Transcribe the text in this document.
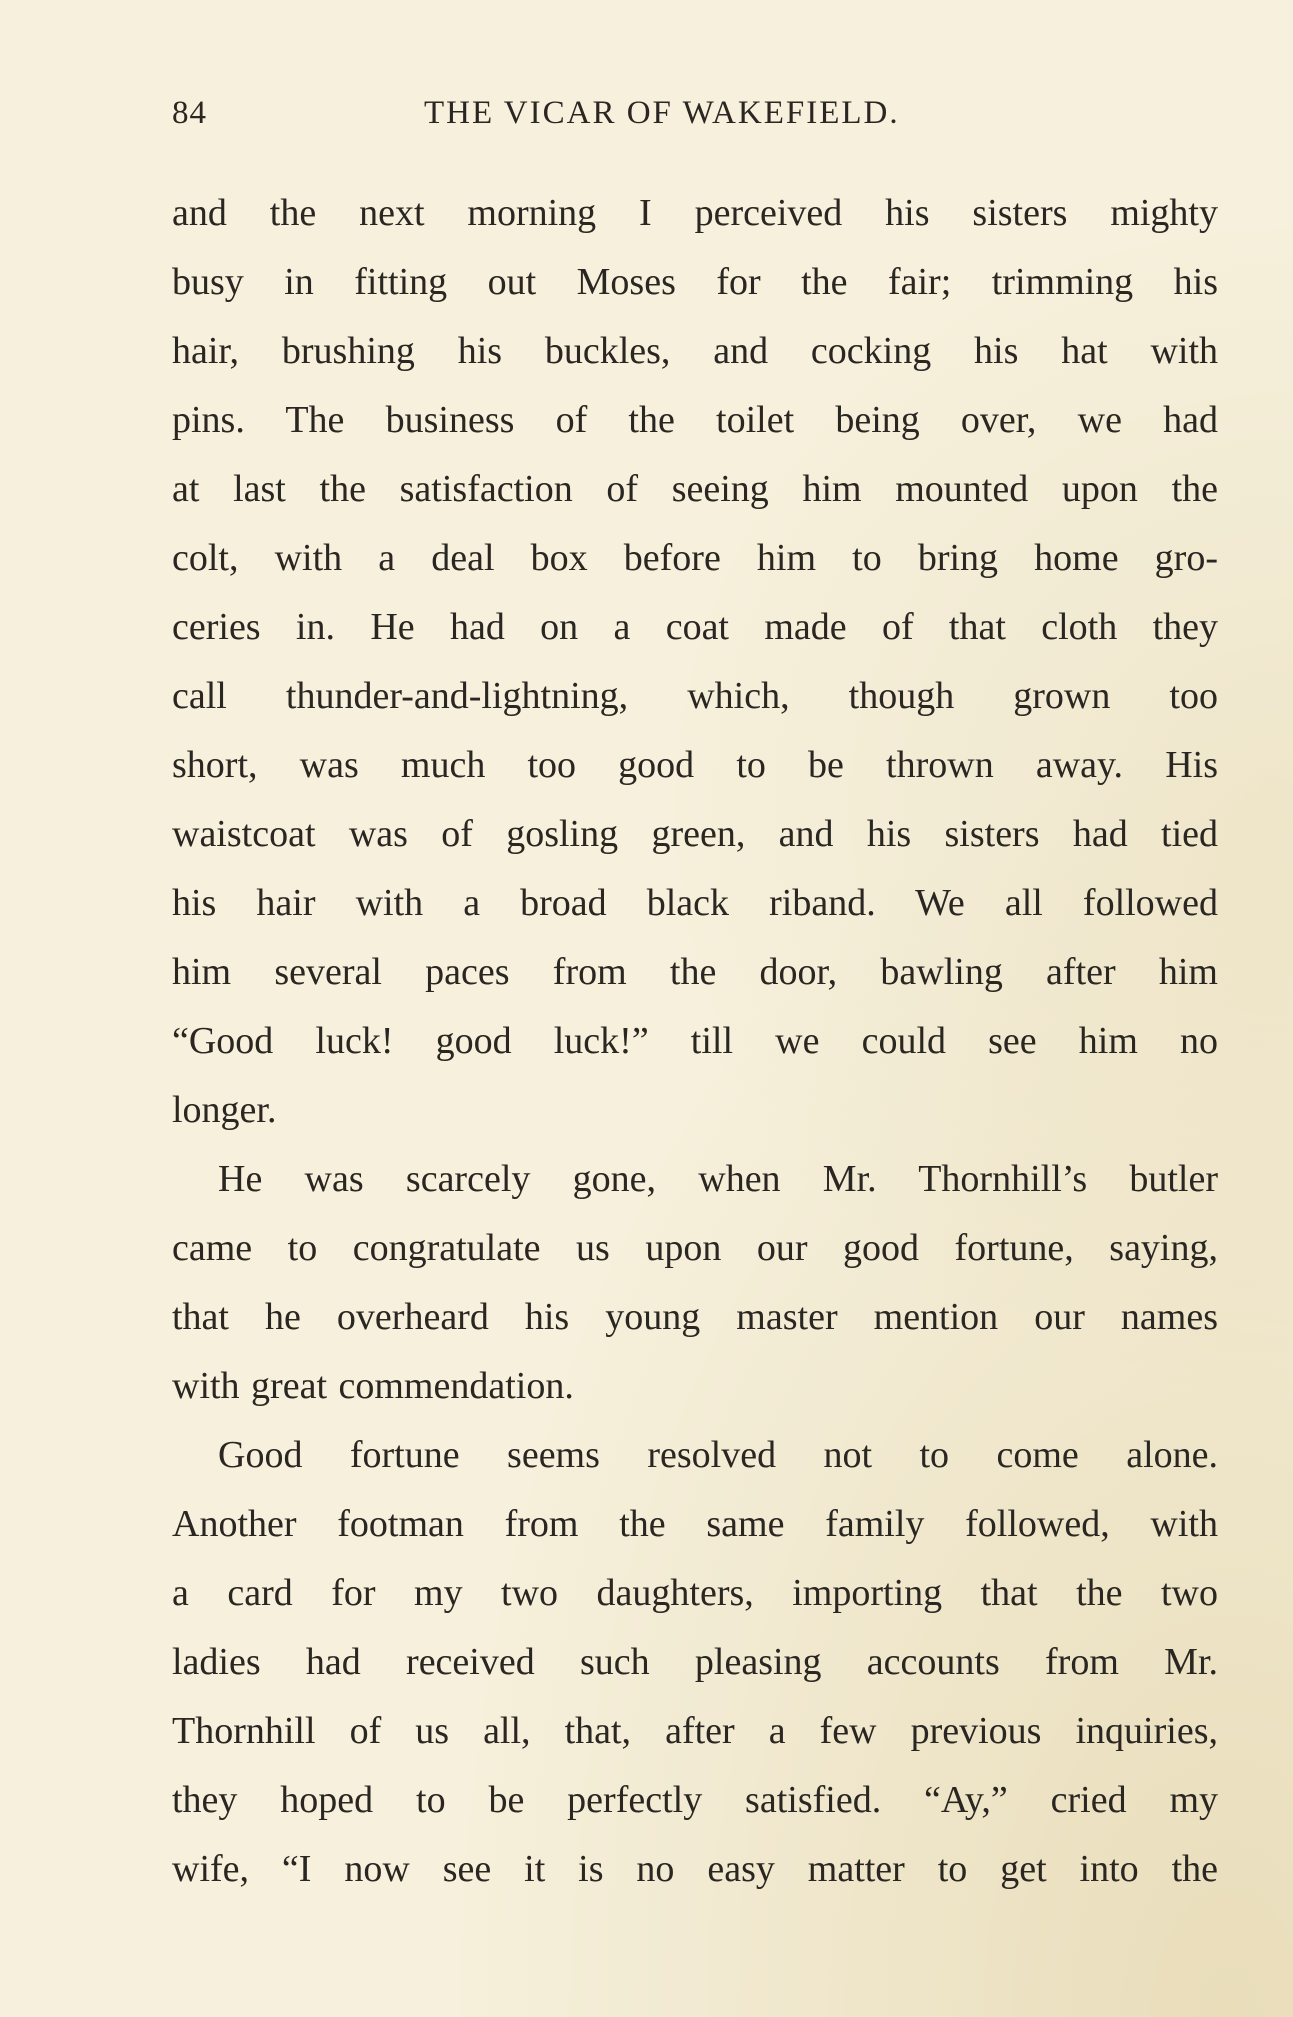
84	THE VICAR OF WAKEFIELD.
and the next morning I perceived his sisters mighty
busy in fitting out Moses for the fair; trimming his
hair, brushing his buckles, and cocking his hat with
pins. The business of the toilet being over, we had
at last the satisfaction of seeing him mounted upon the
colt, with a deal box before him to bring home gro-
ceries in. He had on a coat made of that cloth they
call thunder-and-lightning, which, though grown too
short, was much too good to be thrown away. His
waistcoat was of gosling green, and his sisters had tied
his hair with a broad black riband. We all followed
him several paces from the door, bawling after him
“Good luck! good luck!” till we could see him no
longer.
He was scarcely gone, when Mr. Thornhill’s butler
came to congratulate us upon our good fortune, saying,
that he overheard his young master mention our names
with great commendation.
Good fortune seems resolved not to come alone.
Another footman from the same family followed, with
a card for my two daughters, importing that the two
ladies had received such pleasing accounts from Mr.
Thornhill of us all, that, after a few previous inquiries,
they hoped to be perfectly satisfied. “Ay,” cried my
wife, “I now see it is no easy matter to get into the
